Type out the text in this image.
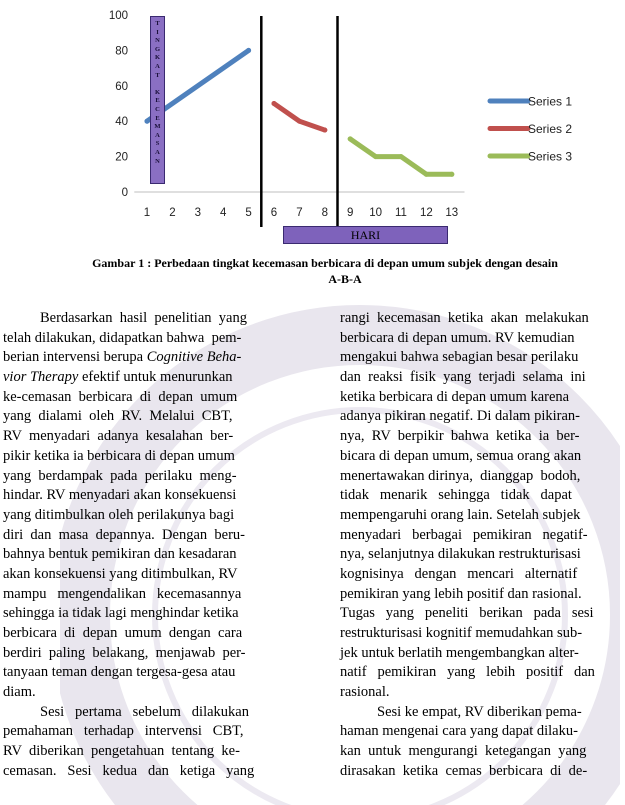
0
20
40
60
80
100
1 2 3 4 5 6 7 8 9 10 11 12 13
Series 1
Series 2
Series 3
T
I
N
G
K
A
T

K
E
C
E
M
A
S
A
N
HARI
Gambar 1 : Perbedaan tingkat kecemasan berbicara di depan umum subjek dengan desain
A-B-A
Berdasarkan  hasil  penelitian  yang
telah dilakukan, didapatkan bahwa  pem-
berian intervensi berupa Cognitive Beha-
vior Therapy efektif untuk menurunkan
ke-cemasan  berbicara  di  depan  umum
yang  dialami  oleh  RV.  Melalui  CBT,
RV  menyadari  adanya  kesalahan  ber-
pikir ketika ia berbicara di depan umum
yang  berdampak  pada  perilaku  meng-
hindar. RV menyadari akan konsekuensi
yang ditimbulkan oleh perilakunya bagi
diri  dan  masa  depannya.  Dengan  beru-
bahnya bentuk pemikiran dan kesadaran
akan konsekuensi yang ditimbulkan, RV
mampu   mengendalikan   kecemasannya
sehingga ia tidak lagi menghindar ketika
berbicara  di  depan  umum  dengan  cara
berdiri  paling  belakang,  menjawab  per-
tanyaan teman dengan tergesa-gesa atau
diam.
Sesi   pertama   sebelum   dilakukan
pemahaman   terhadap   intervensi   CBT,
RV  diberikan  pengetahuan  tentang  ke-
cemasan.   Sesi   kedua   dan   ketiga   yang
rangi  kecemasan  ketika  akan  melakukan
berbicara di depan umum. RV kemudian
mengakui bahwa sebagian besar perilaku
dan  reaksi  fisik  yang  terjadi  selama  ini
ketika berbicara di depan umum karena
adanya pikiran negatif. Di dalam pikiran-
nya,  RV  berpikir  bahwa  ketika  ia  ber-
bicara di depan umum, semua orang akan
menertawakan dirinya,  dianggap  bodoh,
tidak   menarik   sehingga   tidak   dapat
mempengaruhi orang lain. Setelah subjek
menyadari   berbagai   pemikiran   negatif-
nya, selanjutnya dilakukan restrukturisasi
kognisinya   dengan   mencari   alternatif
pemikiran yang lebih positif dan rasional.
Tugas   yang   peneliti   berikan   pada   sesi
restrukturisasi kognitif memudahkan sub-
jek untuk berlatih mengembangkan alter-
natif   pemikiran   yang   lebih   positif   dan
rasional.
Sesi ke empat, RV diberikan pema-
haman mengenai cara yang dapat dilaku-
kan  untuk  mengurangi  ketegangan  yang
dirasakan  ketika  cemas  berbicara  di  de-
